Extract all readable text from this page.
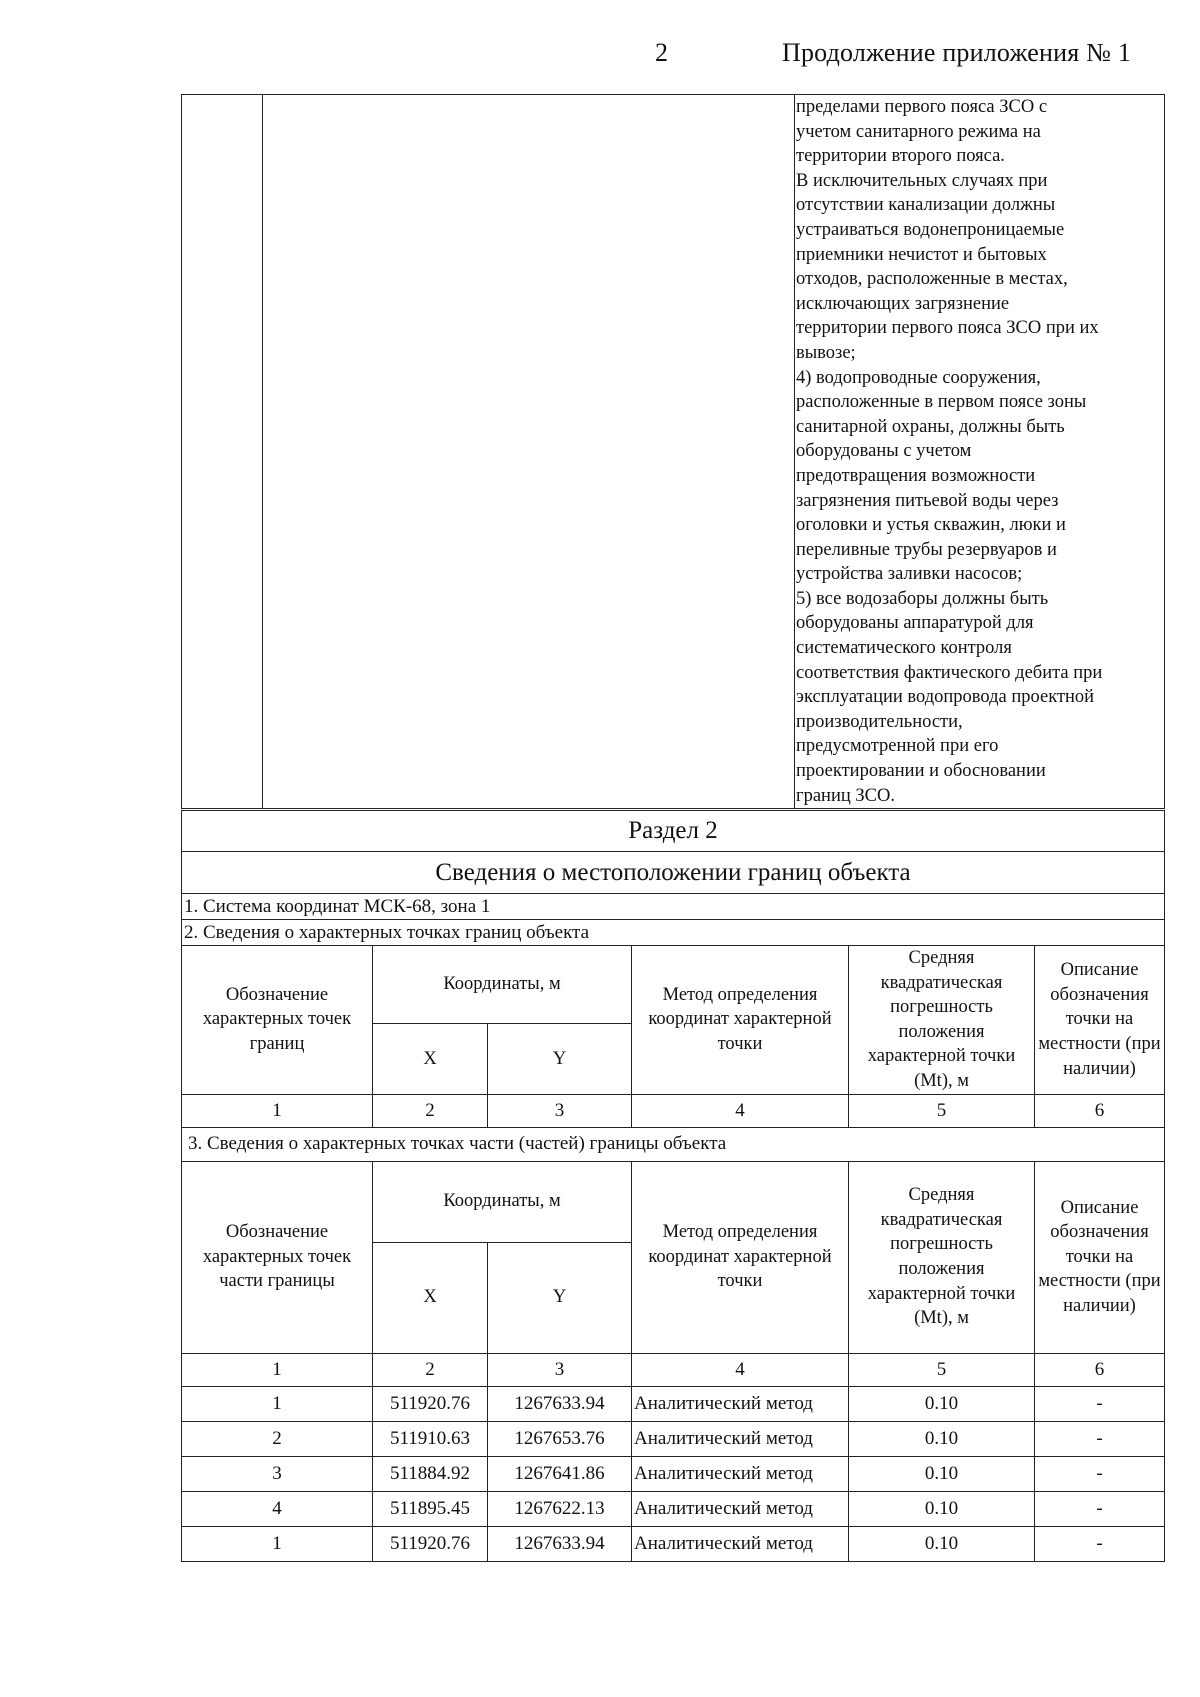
2	Продолжение приложения № 1

пределами первого пояса ЗСО с
учетом санитарного режима на
территории второго пояса.
В исключительных случаях при
отсутствии канализации должны
устраиваться водонепроницаемые
приемники нечистот и бытовых
отходов, расположенные в местах,
исключающих загрязнение
территории первого пояса ЗСО при их
вывозе;
4) водопроводные сооружения,
расположенные в первом поясе зоны
санитарной охраны, должны быть
оборудованы с учетом
предотвращения возможности
загрязнения питьевой воды через
оголовки и устья скважин, люки и
переливные трубы резервуаров и
устройства заливки насосов;
5) все водозаборы должны быть
оборудованы аппаратурой для
систематического контроля
соответствия фактического дебита при
эксплуатации водопровода проектной
производительности,
предусмотренной при его
проектировании и обосновании
границ ЗСО.
Раздел 2					
Сведения о местоположении границ объекта					
1. Система координат МСК-68, зона 1					
2. Сведения о характерных точках границ объекта					
Обозначение характерных точек границ	Координаты, м		Метод определения координат характерной точки	Средняя квадратическая погрешность положения характерной точки (Mt), м	Описание обозначения точки на местности (при наличии)
	X	Y			
1	2	3	4	5	6
3. Сведения о характерных точках части (частей) границы объекта					
Обозначение характерных точек части границы	Координаты, м		Метод определения координат характерной точки	Средняя квадратическая погрешность положения характерной точки (Mt), м	Описание обозначения точки на местности (при наличии)
	X	Y			
1	2	3	4	5	6
1	511920.76	1267633.94	Аналитический метод	0.10	-
2	511910.63	1267653.76	Аналитический метод	0.10	-
3	511884.92	1267641.86	Аналитический метод	0.10	-
4	511895.45	1267622.13	Аналитический метод	0.10	-
1	511920.76	1267633.94	Аналитический метод	0.10	-
